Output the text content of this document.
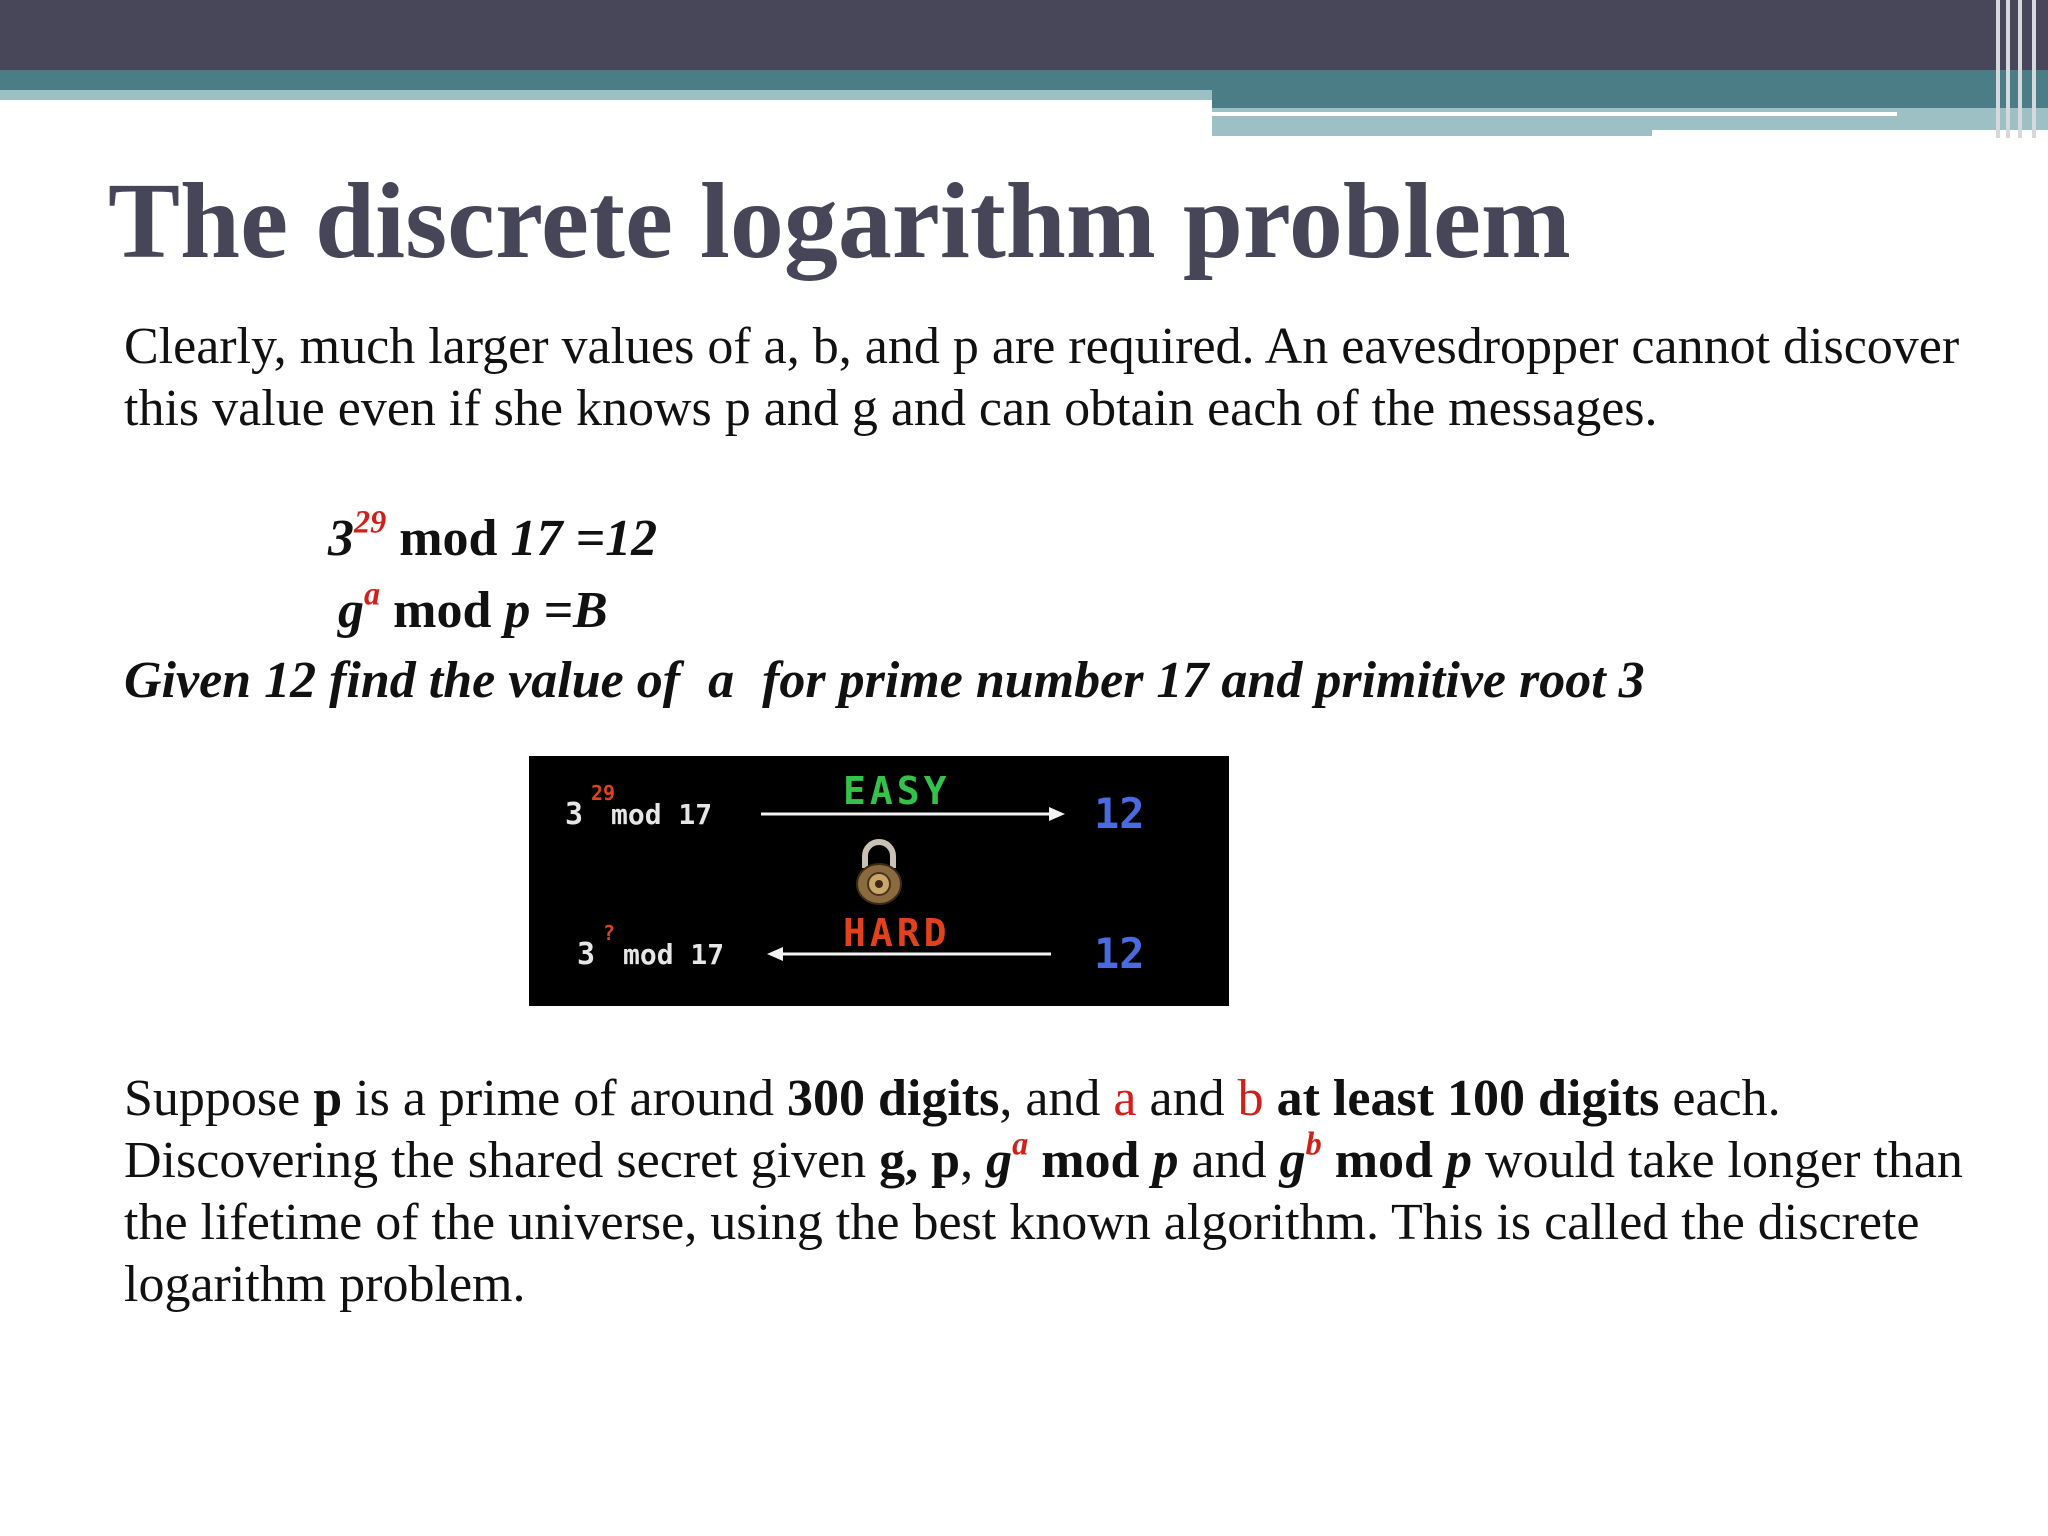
The discrete logarithm problem
Clearly, much larger values of a, b, and p are required. An eavesdropper cannot discover this value even if she knows p and g and can obtain each of the messages.
$3^{29}$ mod 17 =12
$g^a$ mod p =B
Given 12 find the value of a for prime number 17 and primitive root 3
3
29
mod 17
EASY	12
3
?
mod 17	HARD	12
Suppose p is a prime of around 300 digits, and a and b at least 100 digits each. Discovering the shared secret given g, p, $g^a$ mod p and $g^b$ mod p would take longer than the lifetime of the universe, using the best known algorithm. This is called the discrete logarithm problem.
